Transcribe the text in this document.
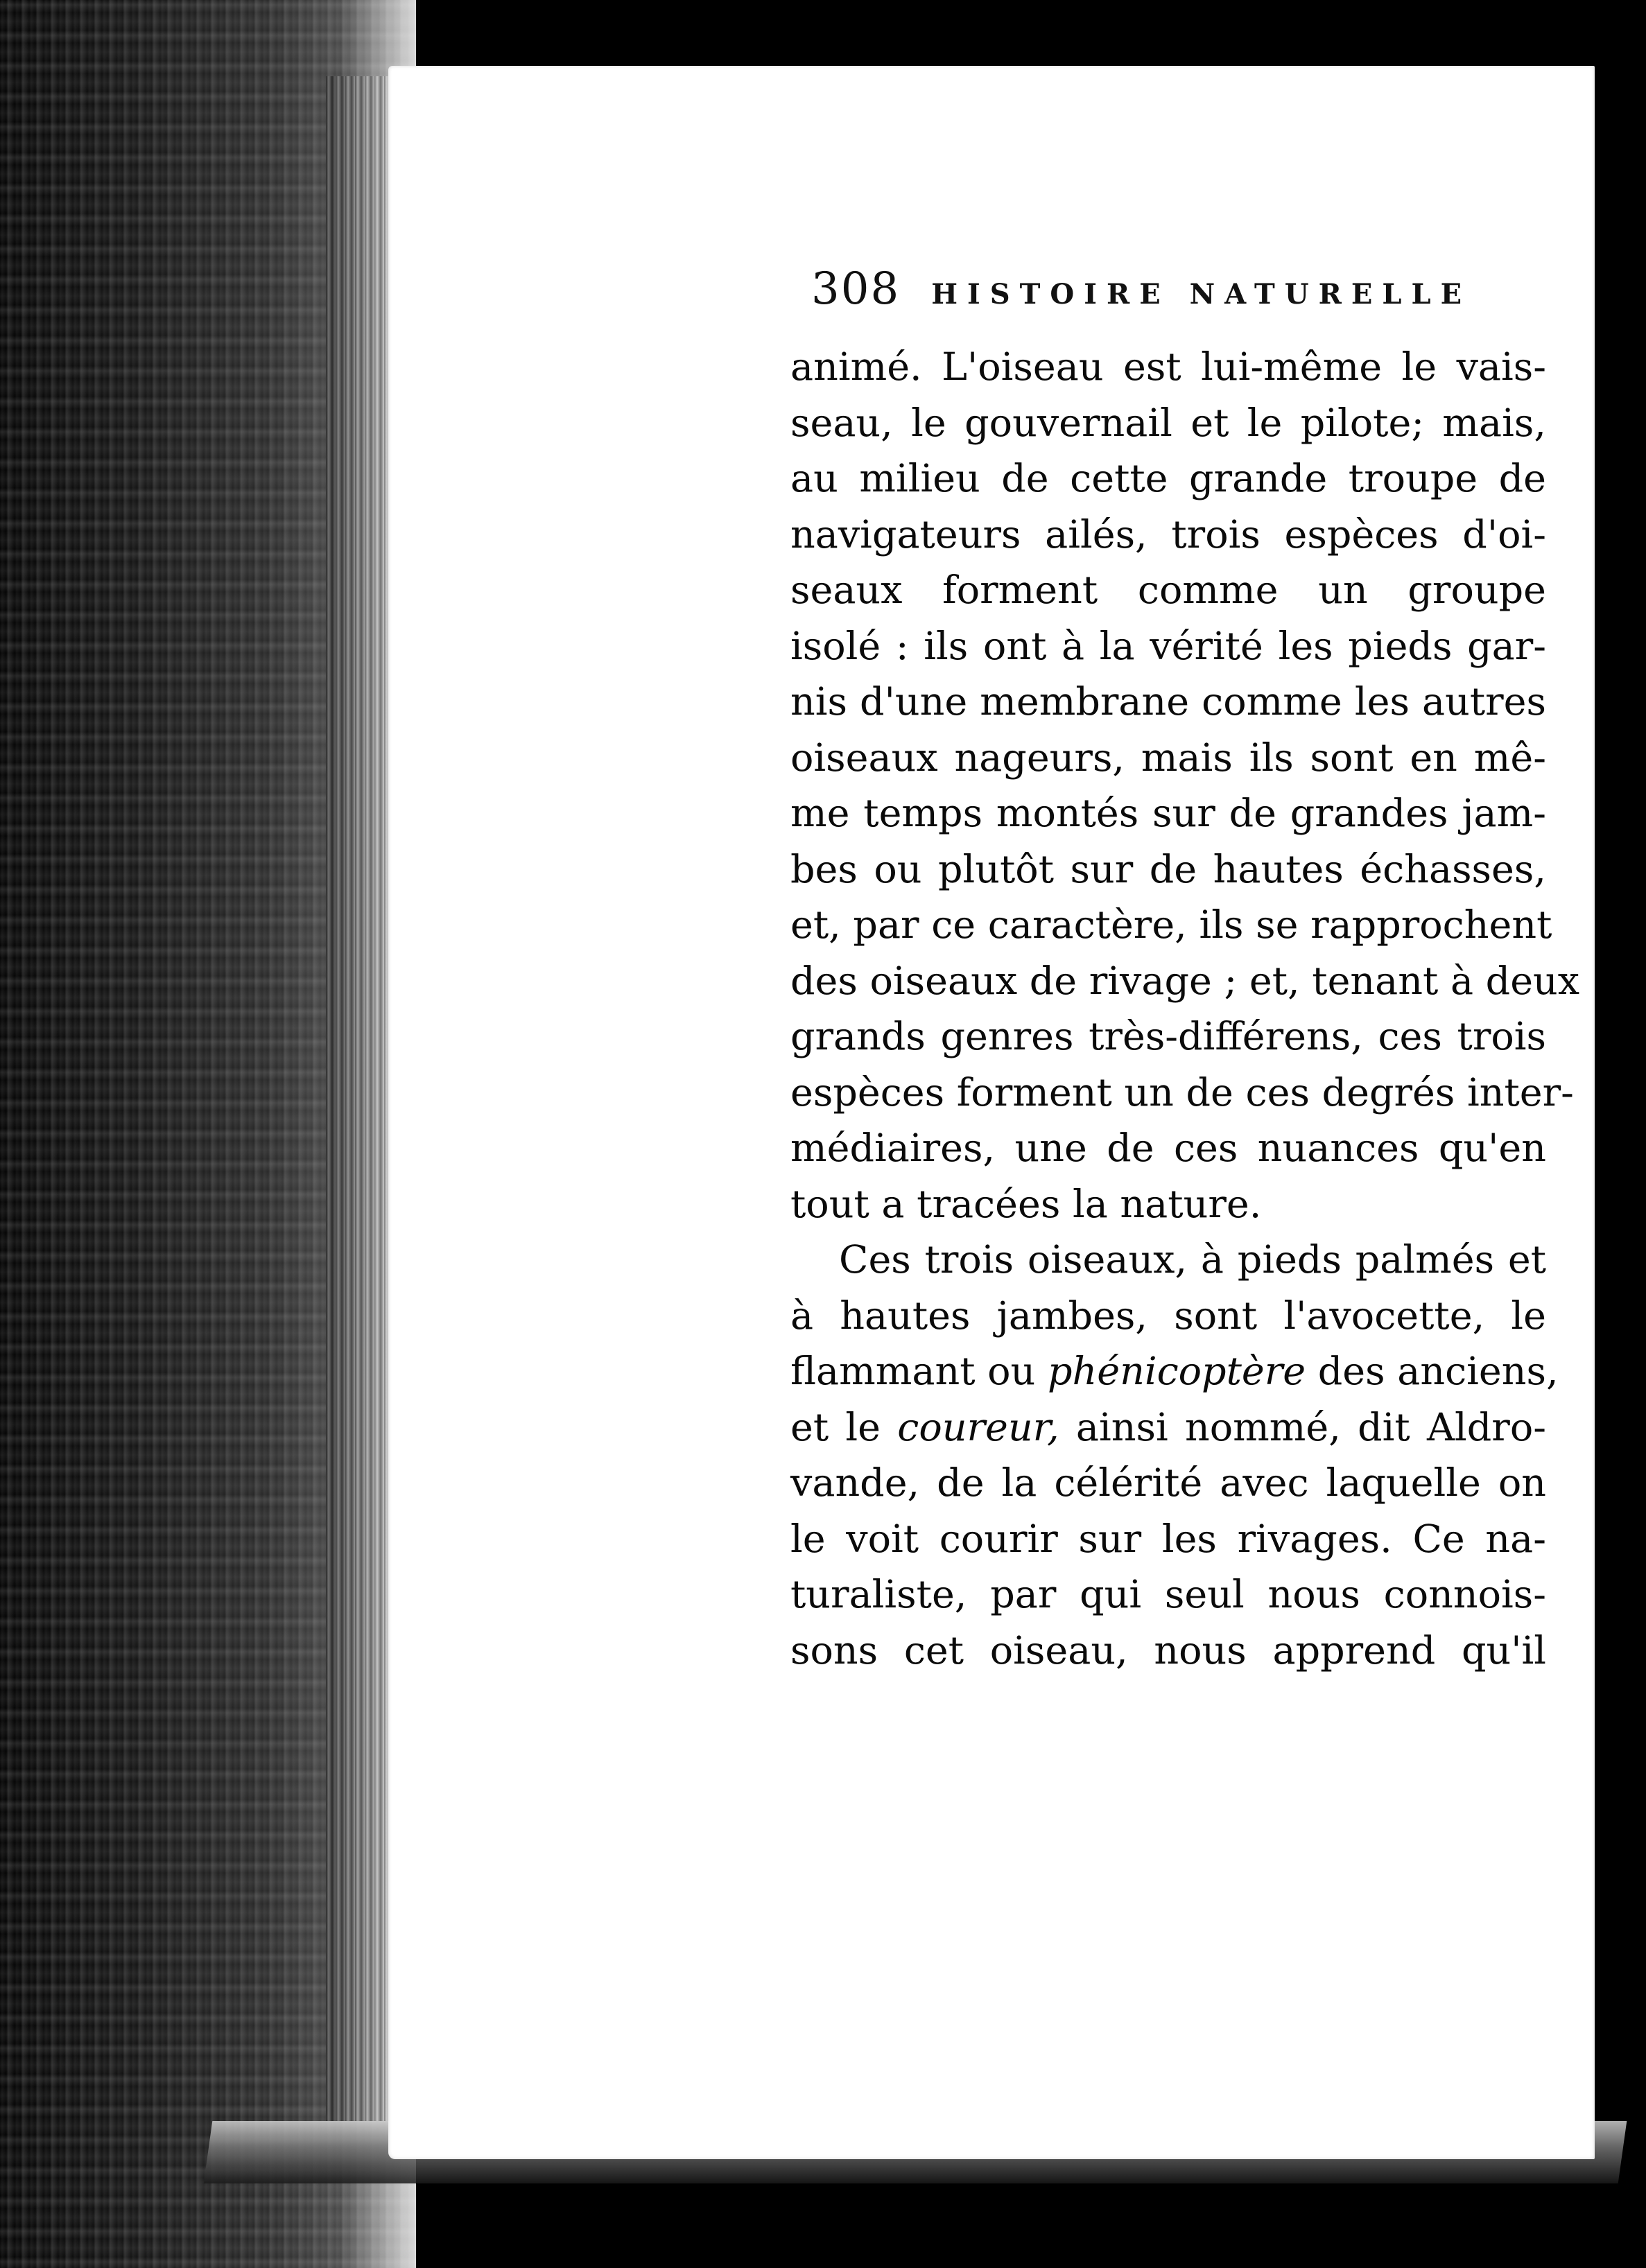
308 HISTOIRE NATURELLE
animé. L'oiseau est lui-même le vais-
seau, le gouvernail et le pilote; mais,
au milieu de cette grande troupe de
navigateurs ailés, trois espèces d'oi-
seaux forment comme un groupe
isolé : ils ont à la vérité les pieds gar-
nis d'une membrane comme les autres
oiseaux nageurs, mais ils sont en mê-
me temps montés sur de grandes jam-
bes ou plutôt sur de hautes échasses,
et, par ce caractère, ils se rapprochent
des oiseaux de rivage ; et, tenant à deux
grands genres très-différens, ces trois
espèces forment un de ces degrés inter-
médiaires, une de ces nuances qu'en
tout a tracées la nature.
Ces trois oiseaux, à pieds palmés et
à hautes jambes, sont l'avocette, le
flammant ou phénicoptère des anciens,
et le coureur, ainsi nommé, dit Aldro-
vande, de la célérité avec laquelle on
le voit courir sur les rivages. Ce na-
turaliste, par qui seul nous connois-
sons cet oiseau, nous apprend qu'il
